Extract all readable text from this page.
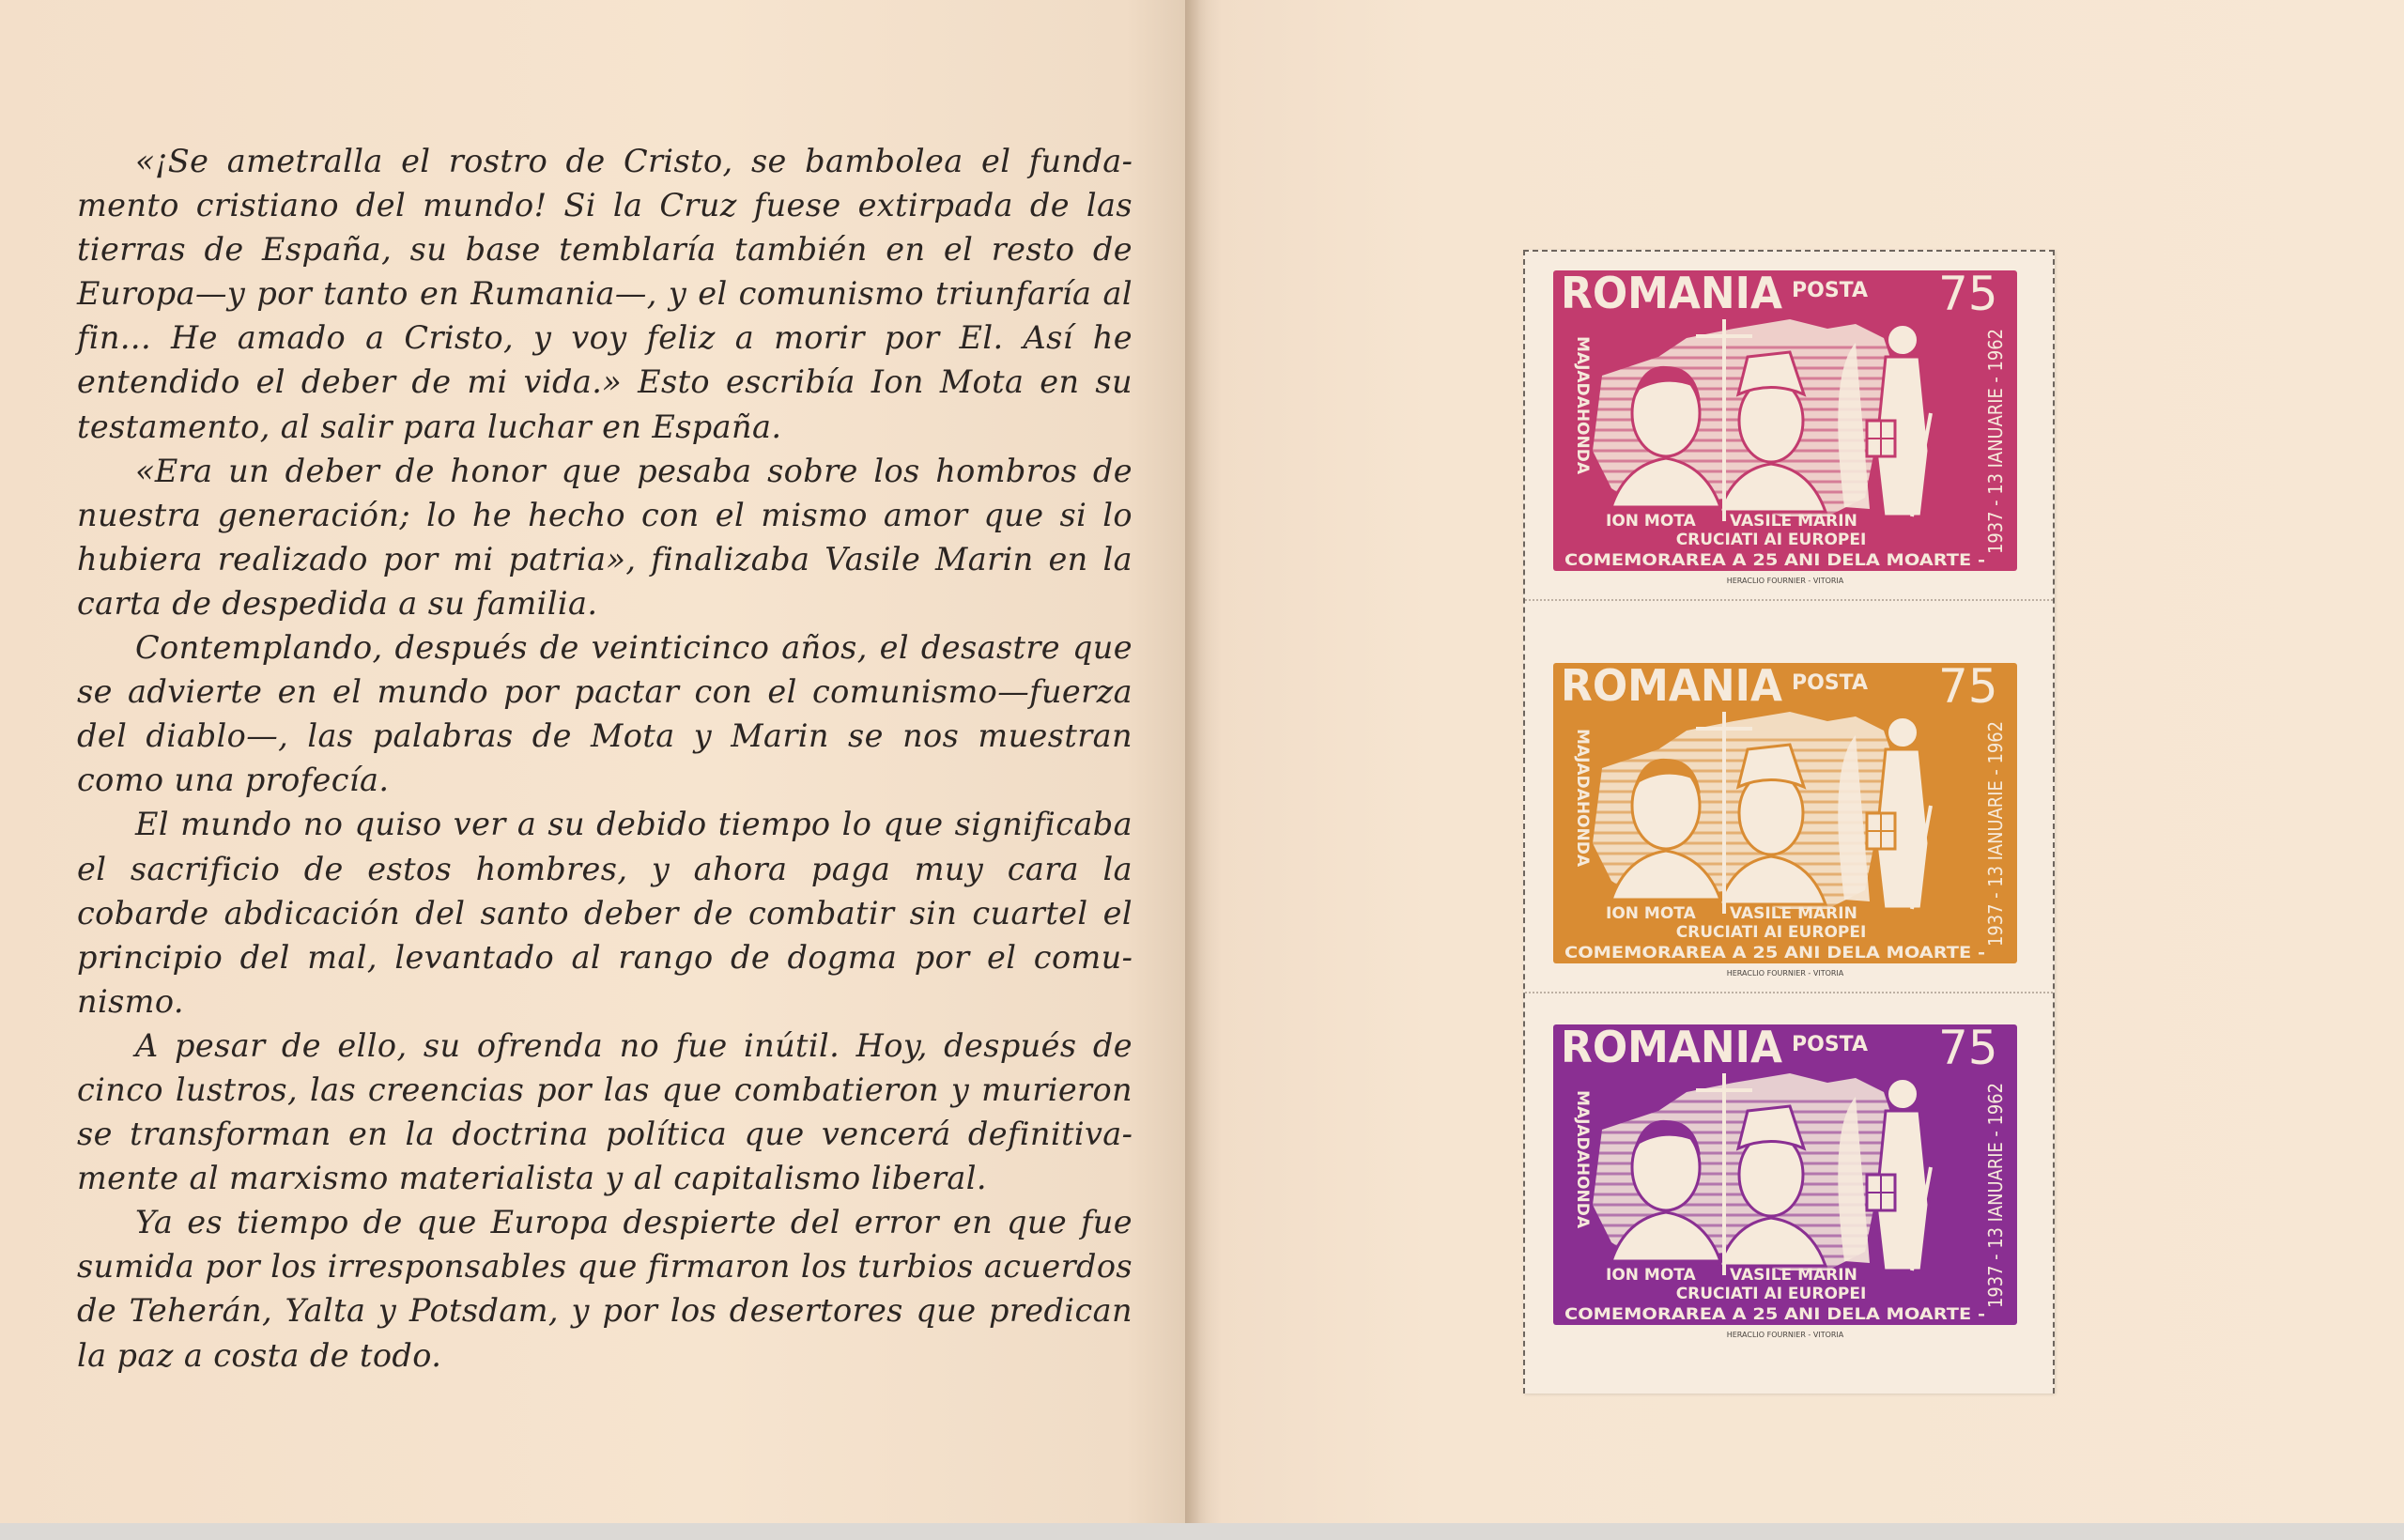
«¡Se ametralla el rostro de Cristo, se bambolea el fundamento cristiano del mundo! Si la Cruz fuese extirpada de las tierras de España, su base temblaría también en el resto de Europa—y por tanto en Rumania—, y el comunismo triunfaría al fin... He amado a Cristo, y voy feliz a morir por El. Así he entendido el deber de mi vida.» Esto escribía Ion Mota en su testamento, al salir para luchar en España.

«Era un deber de honor que pesaba sobre los hombros de nuestra generación; lo he hecho con el mismo amor que si lo hubiera realizado por mi patria», finalizaba Vasile Marin en la carta de despedida a su familia.

Contemplando, después de veinticinco años, el desastre que se advierte en el mundo por pactar con el comunismo—fuerza del diablo—, las palabras de Mota y Marin se nos muestran como una profecía.

El mundo no quiso ver a su debido tiempo lo que significaba el sacrificio de estos hombres, y ahora paga muy cara la cobarde abdicación del santo deber de combatir sin cuartel el principio del mal, levantado al rango de dogma por el comunismo.

A pesar de ello, su ofrenda no fue inútil. Hoy, después de cinco lustros, las creencias por las que combatieron y murieron se transforman en la doctrina política que vencerá definitivamente al marxismo materialista y al capitalismo liberal.

Ya es tiempo de que Europa despierte del error en que fue sumida por los irresponsables que firmaron los turbios acuerdos de Teherán, Yalta y Potsdam, y por los desertores que predican la paz a costa de todo.

ROMANIA POSTA 75
MAJADAHONDA	1937 - 13 IANUARIE - 1962
ION MOTA VASILE MARIN
CRUCIATI AI EUROPEI
COMEMORAREA A 25 ANI DELA MOARTE -
HERACLIO FOURNIER - VITORIA
ROMANIA POSTA 75
MAJADAHONDA	1937 - 13 IANUARIE - 1962
ION MOTA VASILE MARIN
CRUCIATI AI EUROPEI
COMEMORAREA A 25 ANI DELA MOARTE -
HERACLIO FOURNIER - VITORIA
ROMANIA POSTA 75
MAJADAHONDA	1937 - 13 IANUARIE - 1962
ION MOTA VASILE MARIN
CRUCIATI AI EUROPEI
COMEMORAREA A 25 ANI DELA MOARTE -
HERACLIO FOURNIER - VITORIA
